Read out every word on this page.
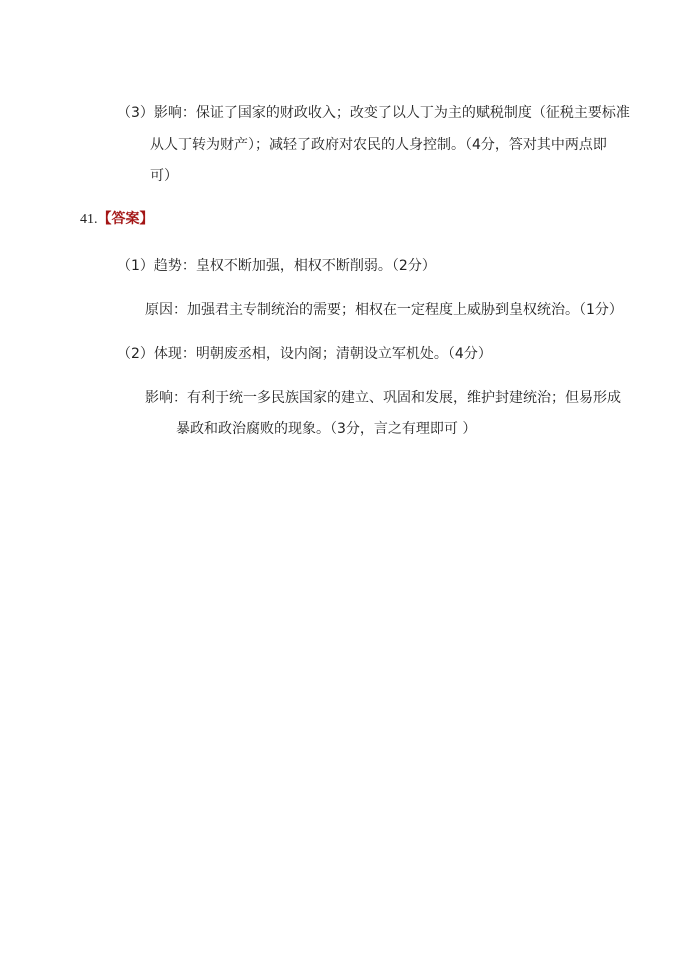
（3）影响：保证了国家的财政收入；改变了以人丁为主的赋税制度（征税主要标准
从人丁转为财产）；减轻了政府对农民的人身控制。（4分，答对其中两点即
可）
41.【答案】
（1）趋势：皇权不断加强，相权不断削弱。（2分）
原因：加强君主专制统治的需要；相权在一定程度上威胁到皇权统治。（1分）
（2）体现：明朝废丞相，设内阁；清朝设立军机处。（4分）
影响：有利于统一多民族国家的建立、巩固和发展，维护封建统治；但易形成
暴政和政治腐败的现象。（3分，言之有理即可 ）
